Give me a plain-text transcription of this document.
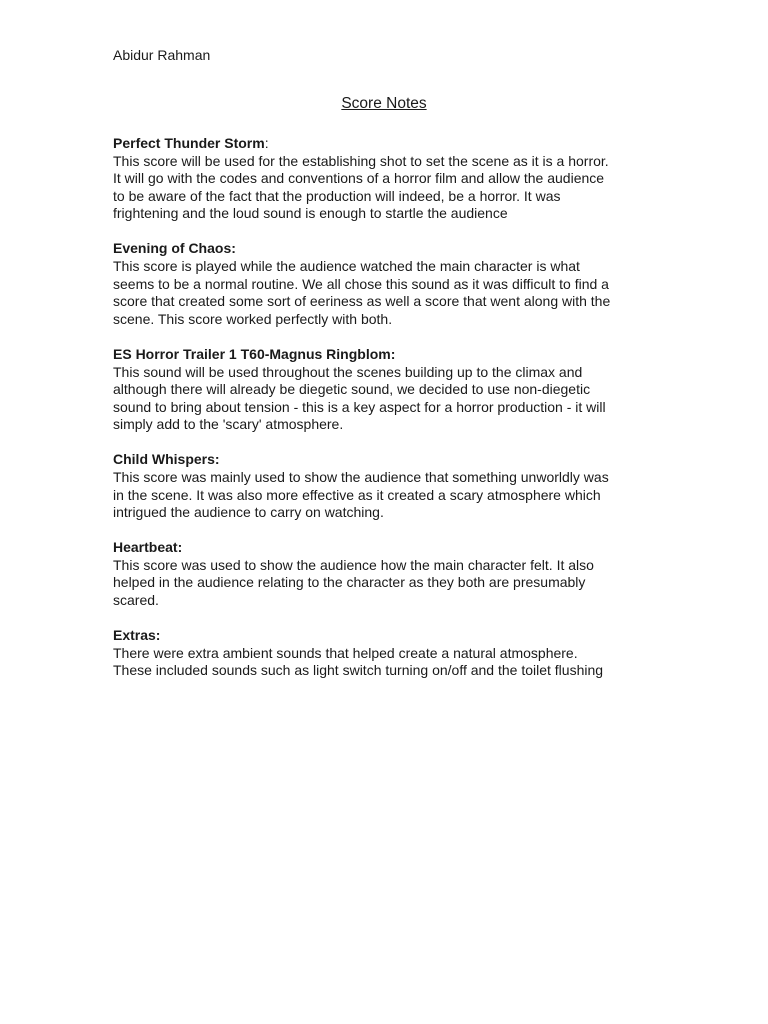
Abidur Rahman
Score Notes
Perfect Thunder Storm:
This score will be used for the establishing shot to set the scene as it is a horror.
It will go with the codes and conventions of a horror film and allow the audience
to be aware of the fact that the production will indeed, be a horror. It was
frightening and the loud sound is enough to startle the audience
Evening of Chaos:
This score is played while the audience watched the main character is what
seems to be a normal routine. We all chose this sound as it was difficult to find a
score that created some sort of eeriness as well a score that went along with the
scene. This score worked perfectly with both.
ES Horror Trailer 1 T60-Magnus Ringblom:
This sound will be used throughout the scenes building up to the climax and
although there will already be diegetic sound, we decided to use non-diegetic
sound to bring about tension - this is a key aspect for a horror production - it will
simply add to the 'scary' atmosphere.
Child Whispers:
This score was mainly used to show the audience that something unworldly was
in the scene. It was also more effective as it created a scary atmosphere which
intrigued the audience to carry on watching.
Heartbeat:
This score was used to show the audience how the main character felt. It also
helped in the audience relating to the character as they both are presumably
scared.
Extras:
There were extra ambient sounds that helped create a natural atmosphere.
These included sounds such as light switch turning on/off and the toilet flushing
